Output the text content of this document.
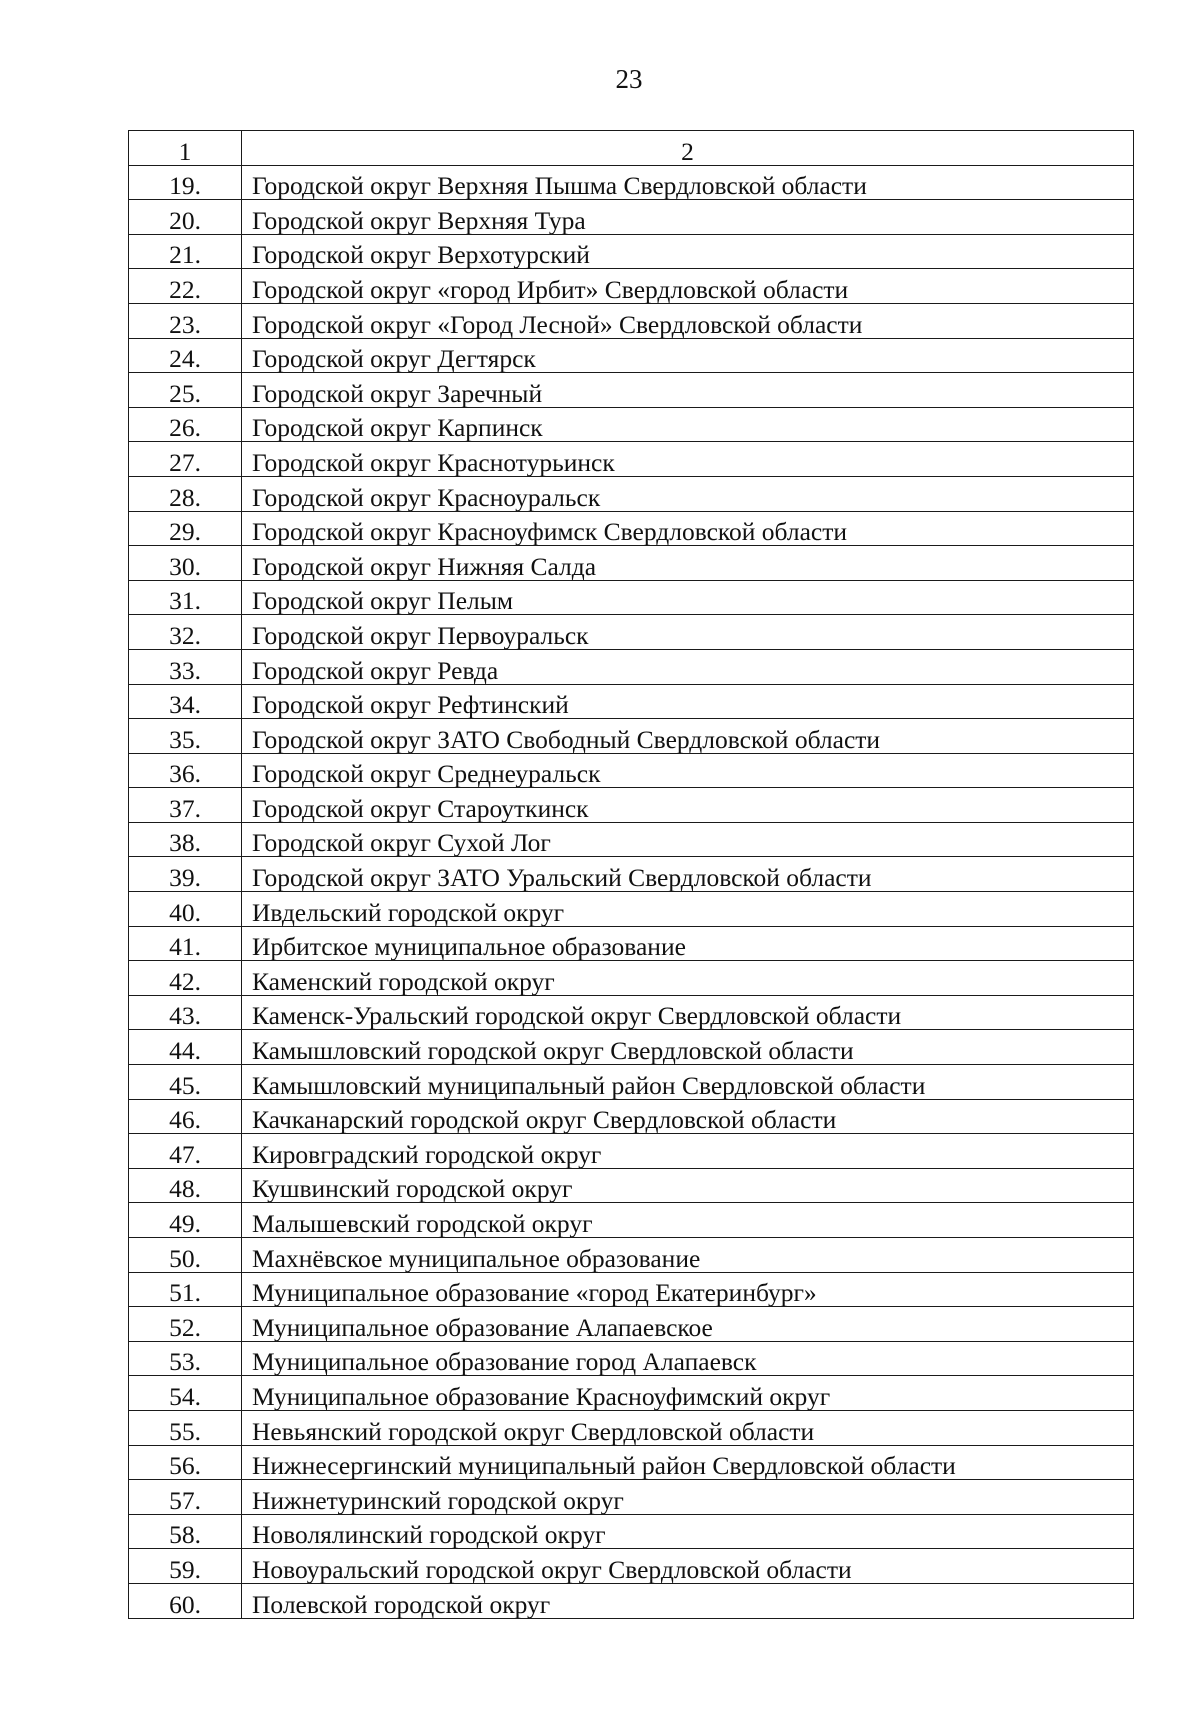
23
1	2
19.	Городской округ Верхняя Пышма Свердловской области
20.	Городской округ Верхняя Тура
21.	Городской округ Верхотурский
22.	Городской округ «город Ирбит» Свердловской области
23.	Городской округ «Город Лесной» Свердловской области
24.	Городской округ Дегтярск
25.	Городской округ Заречный
26.	Городской округ Карпинск
27.	Городской округ Краснотурьинск
28.	Городской округ Красноуральск
29.	Городской округ Красноуфимск Свердловской области
30.	Городской округ Нижняя Салда
31.	Городской округ Пелым
32.	Городской округ Первоуральск
33.	Городской округ Ревда
34.	Городской округ Рефтинский
35.	Городской округ ЗАТО Свободный Свердловской области
36.	Городской округ Среднеуральск
37.	Городской округ Староуткинск
38.	Городской округ Сухой Лог
39.	Городской округ ЗАТО Уральский Свердловской области
40.	Ивдельский городской округ
41.	Ирбитское муниципальное образование
42.	Каменский городской округ
43.	Каменск-Уральский городской округ Свердловской области
44.	Камышловский городской округ Свердловской области
45.	Камышловский муниципальный район Свердловской области
46.	Качканарский городской округ Свердловской области
47.	Кировградский городской округ
48.	Кушвинский городской округ
49.	Малышевский городской округ
50.	Махнёвское муниципальное образование
51.	Муниципальное образование «город Екатеринбург»
52.	Муниципальное образование Алапаевское
53.	Муниципальное образование город Алапаевск
54.	Муниципальное образование Красноуфимский округ
55.	Невьянский городской округ Свердловской области
56.	Нижнесергинский муниципальный район Свердловской области
57.	Нижнетуринский городской округ
58.	Новолялинский городской округ
59.	Новоуральский городской округ Свердловской области
60.	Полевской городской округ
